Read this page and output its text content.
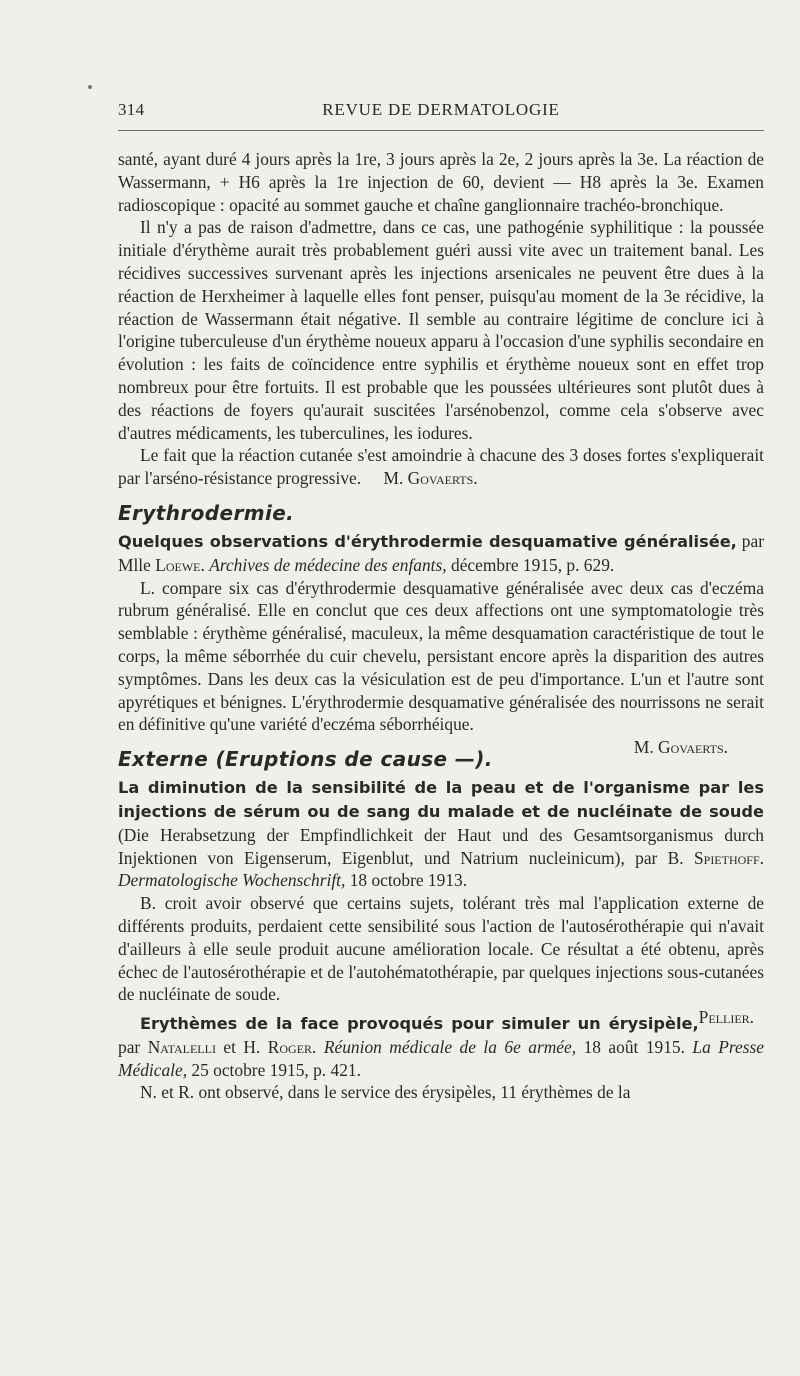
314	REVUE DE DERMATOLOGIE

santé, ayant duré 4 jours après la 1re, 3 jours après la 2e, 2 jours après la 3e. La réaction de Wassermann, + H6 après la 1re injection de 60, devient — H8 après la 3e. Examen radioscopique : opacité au sommet gauche et chaîne ganglionnaire trachéo-bronchique.

Il n'y a pas de raison d'admettre, dans ce cas, une pathogénie syphilitique : la poussée initiale d'érythème aurait très probablement guéri aussi vite avec un traitement banal. Les récidives successives survenant après les injections arsenicales ne peuvent être dues à la réaction de Herxheimer à laquelle elles font penser, puisqu'au moment de la 3e récidive, la réaction de Wassermann était négative. Il semble au contraire légitime de conclure ici à l'origine tuberculeuse d'un érythème noueux apparu à l'occasion d'une syphilis secondaire en évolution : les faits de coïncidence entre syphilis et érythème noueux sont en effet trop nombreux pour être fortuits. Il est probable que les poussées ultérieures sont plutôt dues à des réactions de foyers qu'aurait suscitées l'arsénobenzol, comme cela s'observe avec d'autres médicaments, les tuberculines, les iodures.

Le fait que la réaction cutanée s'est amoindrie à chacune des 3 doses fortes s'expliquerait par l'arséno-résistance progressive. M. Govaerts.

Erythrodermie.

Quelques observations d'érythrodermie desquamative généralisée, par Mlle Loewe. Archives de médecine des enfants, décembre 1915, p. 629.

L. compare six cas d'érythrodermie desquamative généralisée avec deux cas d'eczéma rubrum généralisé. Elle en conclut que ces deux affections ont une symptomatologie très semblable : érythème généralisé, maculeux, la même desquamation caractéristique de tout le corps, la même séborrhée du cuir chevelu, persistant encore après la disparition des autres symptômes. Dans les deux cas la vésiculation est de peu d'importance. L'un et l'autre sont apyrétiques et bénignes. L'érythrodermie desquamative généralisée des nourrissons ne serait en définitive qu'une variété d'eczéma séborrhéique.

M. Govaerts.

Externe (Eruptions de cause —).

La diminution de la sensibilité de la peau et de l'organisme par les injections de sérum ou de sang du malade et de nucléinate de soude (Die Herabsetzung der Empfindlichkeit der Haut und des Gesamtsorganismus durch Injektionen von Eigenserum, Eigenblut, und Natrium nucleinicum), par B. Spiethoff. Dermatologische Wochenschrift, 18 octobre 1913.

B. croit avoir observé que certains sujets, tolérant très mal l'application externe de différents produits, perdaient cette sensibilité sous l'action de l'autosérothérapie qui n'avait d'ailleurs à elle seule produit aucune amélioration locale. Ce résultat a été obtenu, après échec de l'autosérothérapie et de l'autohématothérapie, par quelques injections sous-cutanées de nucléinate de soude.

Pellier.

Erythèmes de la face provoqués pour simuler un érysipèle, par Natalelli et H. Roger. Réunion médicale de la 6e armée, 18 août 1915. La Presse Médicale, 25 octobre 1915, p. 421.

N. et R. ont observé, dans le service des érysipèles, 11 érythèmes de la
